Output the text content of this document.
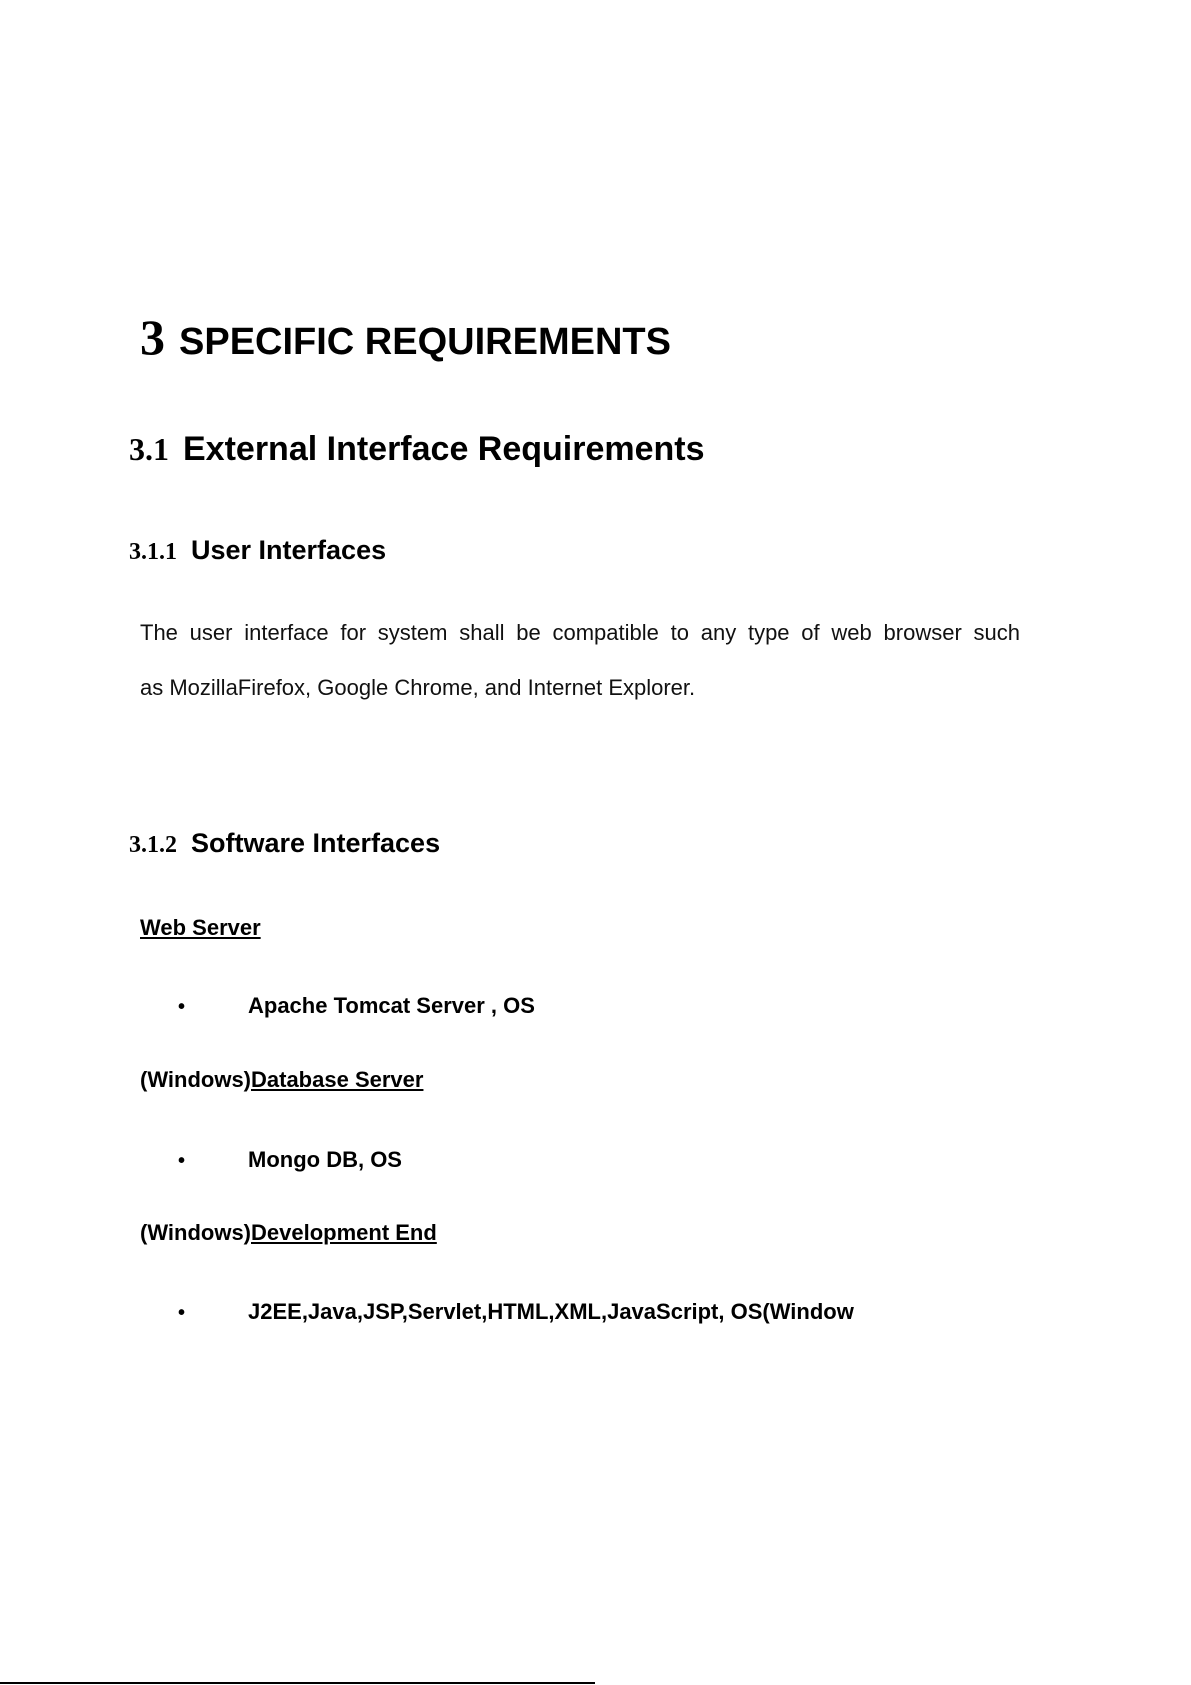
3 SPECIFIC REQUIREMENTS
3.1 External Interface Requirements
3.1.1 User Interfaces
The user interface for system shall be compatible to any type of web browser such
as MozillaFirefox, Google Chrome, and Internet Explorer.
3.1.2 Software Interfaces
Web Server
•	Apache Tomcat Server , OS
(Windows)Database Server
•	Mongo DB, OS
(Windows)Development End
•	J2EE,Java,JSP,Servlet,HTML,XML,JavaScript, OS(Window
